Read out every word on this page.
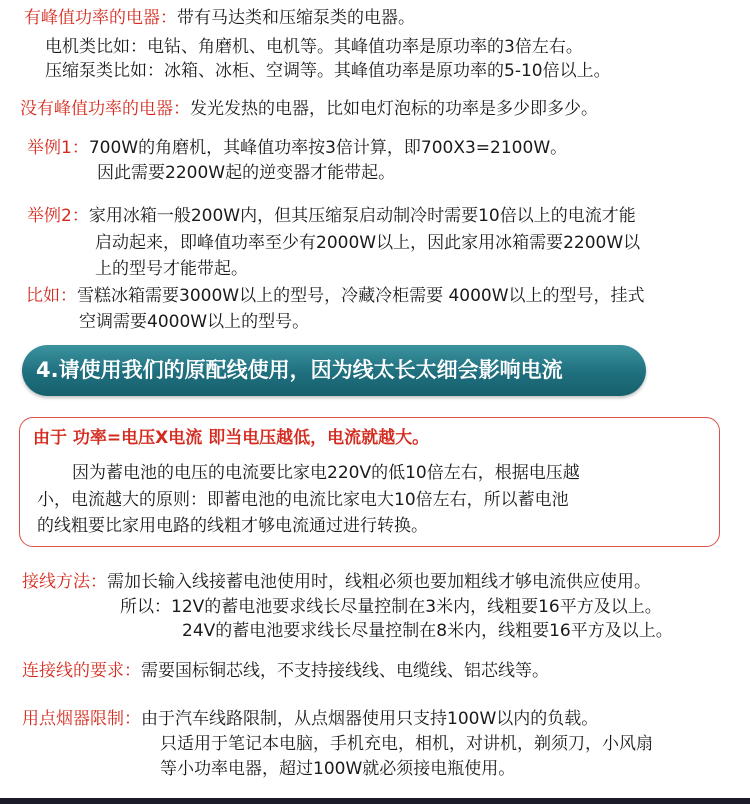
有峰值功率的电器：带有马达类和压缩泵类的电器。
电机类比如：电钻、角磨机、电机等。其峰值功率是原功率的3倍左右。
压缩泵类比如：冰箱、冰柜、空调等。其峰值功率是原功率的5-10倍以上。
没有峰值功率的电器：发光发热的电器，比如电灯泡标的功率是多少即多少。
举例1：700W的角磨机，其峰值功率按3倍计算，即700X3=2100W。
因此需要2200W起的逆变器才能带起。
举例2：家用冰箱一般200W内，但其压缩泵启动制冷时需要10倍以上的电流才能
启动起来，即峰值功率至少有2000W以上，因此家用冰箱需要2200W以
上的型号才能带起。
比如：雪糕冰箱需要3000W以上的型号，冷藏冷柜需要 4000W以上的型号，挂式
空调需要4000W以上的型号。
4.请使用我们的原配线使用，因为线太长太细会影响电流
由于 功率=电压X电流 即当电压越低，电流就越大。
因为蓄电池的电压的电流要比家电220V的低10倍左右，根据电压越
小，电流越大的原则：即蓄电池的电流比家电大10倍左右，所以蓄电池
的线粗要比家用电路的线粗才够电流通过进行转换。
接线方法：需加长输入线接蓄电池使用时，线粗必须也要加粗线才够电流供应使用。
所以：12V的蓄电池要求线长尽量控制在3米内，线粗要16平方及以上。
24V的蓄电池要求线长尽量控制在8米内，线粗要16平方及以上。
连接线的要求：需要国标铜芯线，不支持接线线、电缆线、铝芯线等。
用点烟器限制：由于汽车线路限制，从点烟器使用只支持100W以内的负载。
只适用于笔记本电脑，手机充电，相机，对讲机，剃须刀，小风扇
等小功率电器，超过100W就必须接电瓶使用。
